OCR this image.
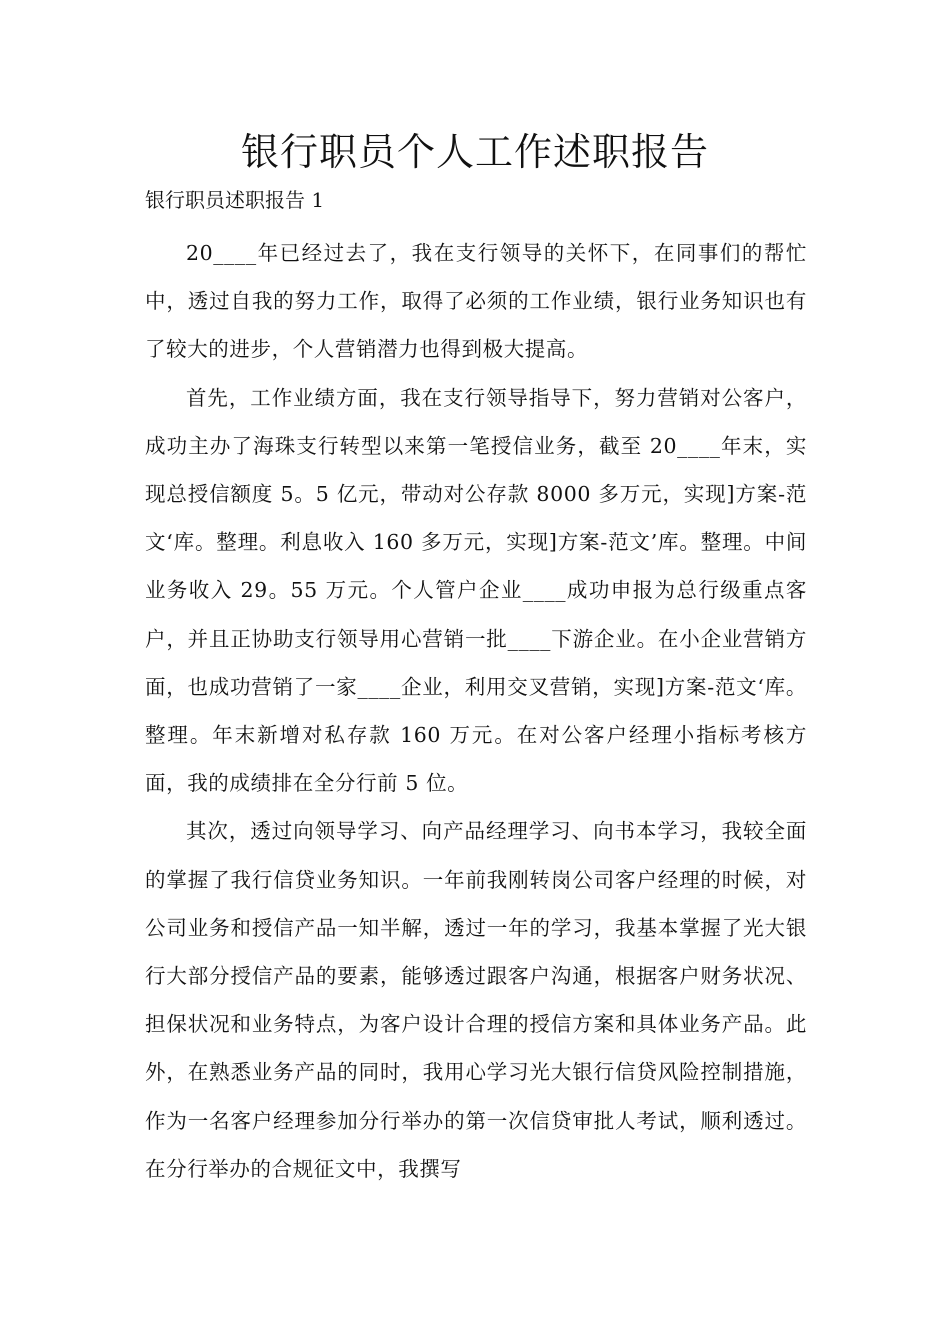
银行职员个人工作述职报告

银行职员述职报告 1

20____年已经过去了，我在支行领导的关怀下，在同事们的帮忙中，透过自我的努力工作，取得了必须的工作业绩，银行业务知识也有了较大的进步，个人营销潜力也得到极大提高。

首先，工作业绩方面，我在支行领导指导下，努力营销对公客户，成功主办了海珠支行转型以来第一笔授信业务，截至 20____年末，实现总授信额度 5。5 亿元，带动对公存款 8000 多万元，实现]方案-范文‘库。整理。利息收入 160 多万元，实现]方案-范文’库。整理。中间业务收入 29。55 万元。个人管户企业____成功申报为总行级重点客户，并且正协助支行领导用心营销一批____下游企业。在小企业营销方面，也成功营销了一家____企业，利用交叉营销，实现]方案-范文‘库。整理。年末新增对私存款 160 万元。在对公客户经理小指标考核方面，我的成绩排在全分行前 5 位。

其次，透过向领导学习、向产品经理学习、向书本学习，我较全面的掌握了我行信贷业务知识。一年前我刚转岗公司客户经理的时候，对公司业务和授信产品一知半解，透过一年的学习，我基本掌握了光大银行大部分授信产品的要素，能够透过跟客户沟通，根据客户财务状况、担保状况和业务特点，为客户设计合理的授信方案和具体业务产品。此外，在熟悉业务产品的同时，我用心学习光大银行信贷风险控制措施，作为一名客户经理参加分行举办的第一次信贷审批人考试，顺利透过。在分行举办的合规征文中，我撰写
